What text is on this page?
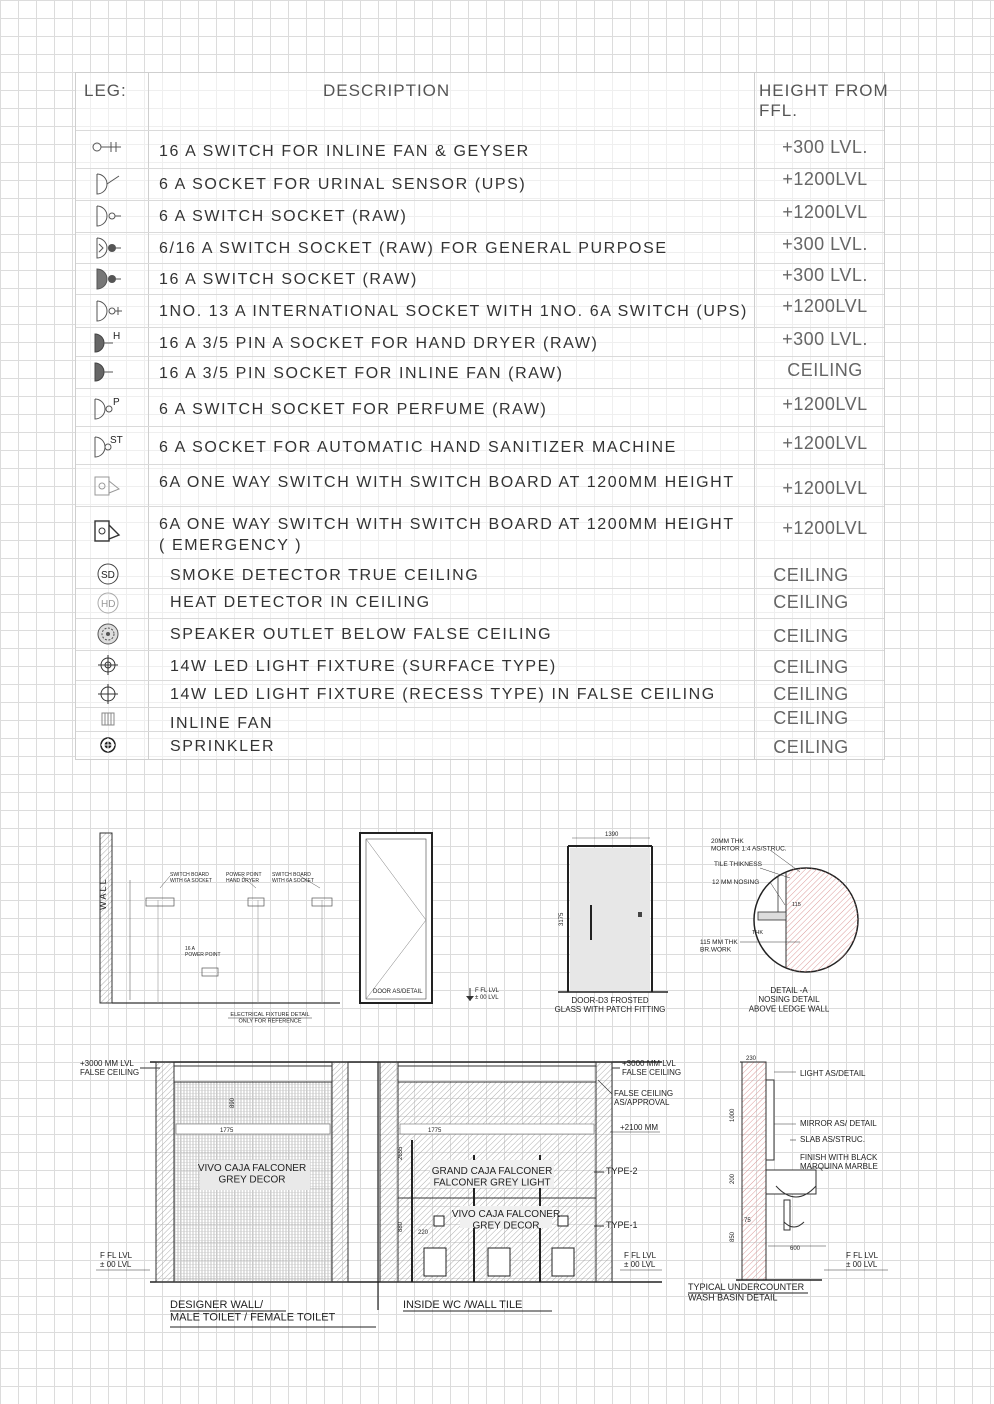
LEG:	DESCRIPTION	HEIGHT FROM
FFL.
16 A SWITCH FOR INLINE FAN & GEYSER	+300 LVL.
6 A SOCKET FOR URINAL SENSOR (UPS)	+1200LVL
6 A SWITCH SOCKET (RAW)	+1200LVL
6/16 A SWITCH SOCKET (RAW) FOR GENERAL PURPOSE	+300 LVL.
16 A SWITCH SOCKET (RAW)	+300 LVL.
1NO. 13 A INTERNATIONAL SOCKET WITH 1NO. 6A SWITCH (UPS)	+1200LVL
H 16 A 3/5 PIN A SOCKET FOR HAND DRYER (RAW)	+300 LVL.
16 A 3/5 PIN SOCKET FOR INLINE FAN (RAW)	CEILING
P 6 A SWITCH SOCKET FOR PERFUME (RAW)	+1200LVL
ST 6 A SOCKET FOR AUTOMATIC HAND SANITIZER MACHINE	+1200LVL
6A ONE WAY SWITCH WITH SWITCH BOARD AT 1200MM HEIGHT	+1200LVL
6A ONE WAY SWITCH WITH SWITCH BOARD AT 1200MM HEIGHT
( EMERGENCY )
+1200LVL
SD	SMOKE DETECTOR TRUE CEILING	CEILING
HD	HEAT DETECTOR IN CEILING	CEILING
SPEAKER OUTLET BELOW FALSE CEILING	CEILING
14W LED LIGHT FIXTURE (SURFACE TYPE)	CEILING
14W LED LIGHT FIXTURE (RECESS TYPE) IN FALSE CEILING	CEILING
INLINE FAN	CEILING
SPRINKLER	CEILING
W A L L
SWITCH BOARD WITH 6A SOCKET
POWER POINT HAND DRYER
SWITCH BOARD WITH 6A SOCKET
16 A POWER POINT
ELECTRICAL FIXTURE DETAIL ONLY FOR REFERENCE
DOOR AS/DETAIL	F FL LVL ± 00 LVL
1390
3175
DOOR-D3 FROSTED GLASS WITH PATCH FITTING
20MM THK MORTOR 1:4 AS/STRUC.
TILE THIKNESS
12 MM NOSING
115 MM THK BR.WORK
115
THK
DETAIL -A NOSING DETAIL ABOVE LEDGE WALL
1775
890
VIVO CAJA FALCONER GREY DECOR
1775
2655
880
220
GRAND CAJA FALCONER FALCONER GREY LIGHT
VIVO CAJA FALCONER GREY DECOR
+3000 MM LVL FALSE CEILING
+3000 MM LVL FALSE CEILING
FALSE CEILING AS/APPROVAL
+2100 MM
TYPE-2
TYPE-1
F FL LVL ± 00 LVL
F FL LVL ± 00 LVL
DESIGNER WALL/ MALE TOILET / FEMALE TOILET
INSIDE WC /WALL TILE
230
1000
200
75
850
600
LIGHT AS/DETAIL
MIRROR AS/ DETAIL
SLAB AS/STRUC.
FINISH WITH BLACK MARQUINA MARBLE
F FL LVL ± 00 LVL
TYPICAL UNDERCOUNTER WASH BASIN DETAIL
